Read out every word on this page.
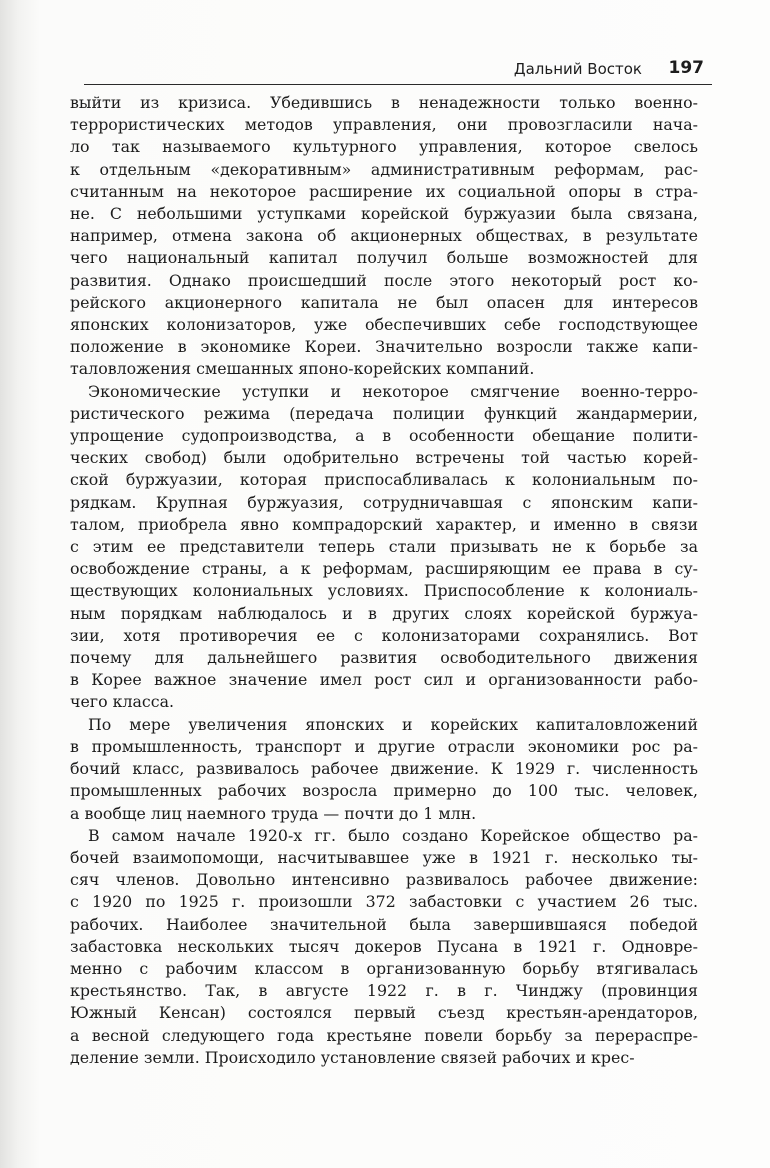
Дальний Восток 197
выйти из кризиса. Убедившись в ненадежности только военно-
террористических методов управления, они провозгласили нача-
ло так называемого культурного управления, которое свелось
к отдельным «декоративным» административным реформам, рас-
считанным на некоторое расширение их социальной опоры в стра-
не. С небольшими уступками корейской буржуазии была связана,
например, отмена закона об акционерных обществах, в результате
чего национальный капитал получил больше возможностей для
развития. Однако происшедший после этого некоторый рост ко-
рейского акционерного капитала не был опасен для интересов
японских колонизаторов, уже обеспечивших себе господствующее
положение в экономике Кореи. Значительно возросли также капи-
таловложения смешанных японо-корейских компаний.
Экономические уступки и некоторое смягчение военно-терро-
ристического режима (передача полиции функций жандармерии,
упрощение судопроизводства, а в особенности обещание полити-
ческих свобод) были одобрительно встречены той частью корей-
ской буржуазии, которая приспосабливалась к колониальным по-
рядкам. Крупная буржуазия, сотрудничавшая с японским капи-
талом, приобрела явно компрадорский характер, и именно в связи
с этим ее представители теперь стали призывать не к борьбе за
освобождение страны, а к реформам, расширяющим ее права в су-
ществующих колониальных условиях. Приспособление к колониаль-
ным порядкам наблюдалось и в других слоях корейской буржуа-
зии, хотя противоречия ее с колонизаторами сохранялись. Вот
почему для дальнейшего развития освободительного движения
в Корее важное значение имел рост сил и организованности рабо-
чего класса.
По мере увеличения японских и корейских капиталовложений
в промышленность, транспорт и другие отрасли экономики рос ра-
бочий класс, развивалось рабочее движение. К 1929 г. численность
промышленных рабочих возросла примерно до 100 тыс. человек,
а вообще лиц наемного труда — почти до 1 млн.
В самом начале 1920-х гг. было создано Корейское общество ра-
бочей взаимопомощи, насчитывавшее уже в 1921 г. несколько ты-
сяч членов. Довольно интенсивно развивалось рабочее движение:
с 1920 по 1925 г. произошли 372 забастовки с участием 26 тыс.
рабочих. Наиболее значительной была завершившаяся победой
забастовка нескольких тысяч докеров Пусана в 1921 г. Одновре-
менно с рабочим классом в организованную борьбу втягивалась
крестьянство. Так, в августе 1922 г. в г. Чинджу (провинция
Южный Кенсан) состоялся первый съезд крестьян-арендаторов,
а весной следующего года крестьяне повели борьбу за перераспре-
деление земли. Происходило установление связей рабочих и крес-
